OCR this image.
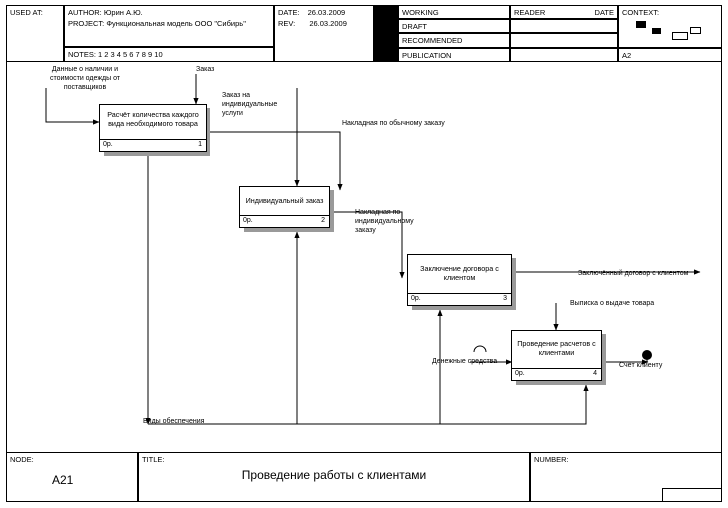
USED AT:	AUTHOR: Юрин А.Ю.
PROJECT: Функциональная модель ООО "Сибирь"
NOTES: 1 2 3 4 5 6 7 8 9 10
DATE: 26.03.2009
REV: 26.03.2009
WORKING
DRAFT
RECOMMENDED
PUBLICATION
READER	DATE	CONTEXT:
A2
Расчёт количества каждого вида необходимого товара
0р.	1
Индивидуальный заказ
0р.	2
Заключение договора с клиентом
0р.	3
Проведение расчетов с клиентами
0р.	4
Данные о наличии и стоимости одежды от поставщиков
Заказ
Заказ на индивидуальные услуги
Накладная по обычному заказу
Накладная по индивидуальному заказу
Заключённый договор с клиентом
Выписка о выдаче товара
Денежные средства
Счёт клиенту
Виды обеспечения
NODE:
A21
TITLE:
Проведение работы с клиентами
NUMBER:
